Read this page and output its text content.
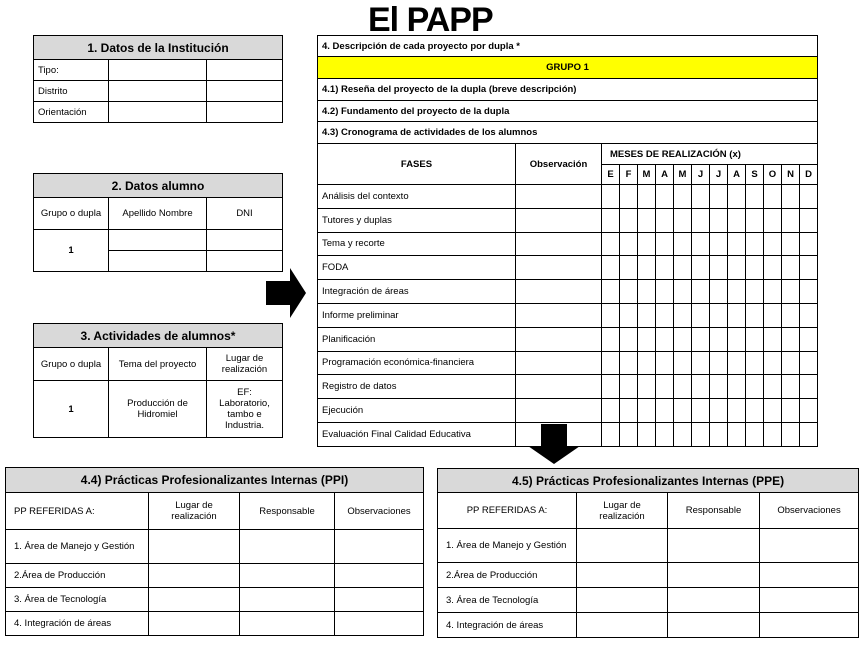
El PAPP
1. Datos de la Institución		
Tipo:		
Distrito		
Orientación		
2. Datos alumno		
Grupo o dupla	Apellido Nombre	DNI
1		

3. Actividades de alumnos*		
Grupo o dupla	Tema del proyecto	Lugar de realización
1	Producción de Hidromiel	EF: Laboratorio, tambo e Industria.
4. Descripción de cada proyecto por dupla *													
GRUPO 1													
4.1) Reseña del proyecto de la dupla (breve descripción)													
4.2) Fundamento del proyecto de la dupla													
4.3) Cronograma de actividades de los alumnos													
FASES	Observación	MESES DE REALIZACIÓN (x)											
		E	F	M	A	M	J	J	A	S	O	N	D
Análisis del contexto													
Tutores y duplas													
Tema y recorte													
FODA													
Integración de áreas													
Informe preliminar													
Planificación													
Programación económica-financiera													
Registro de datos													
Ejecución													
Evaluación Final Calidad Educativa													
4.4) Prácticas Profesionalizantes Internas (PPI)			
PP REFERIDAS A:	Lugar de realización	Responsable	Observaciones
1. Área de Manejo y Gestión			
2.Área de Producción			
3. Área de Tecnología			
4. Integración de áreas			
4.5) Prácticas Profesionalizantes Internas (PPE)			
PP REFERIDAS A:	Lugar de realización	Responsable	Observaciones
1. Área de Manejo y Gestión			
2.Área de Producción			
3. Área de Tecnología			
4. Integración de áreas			
